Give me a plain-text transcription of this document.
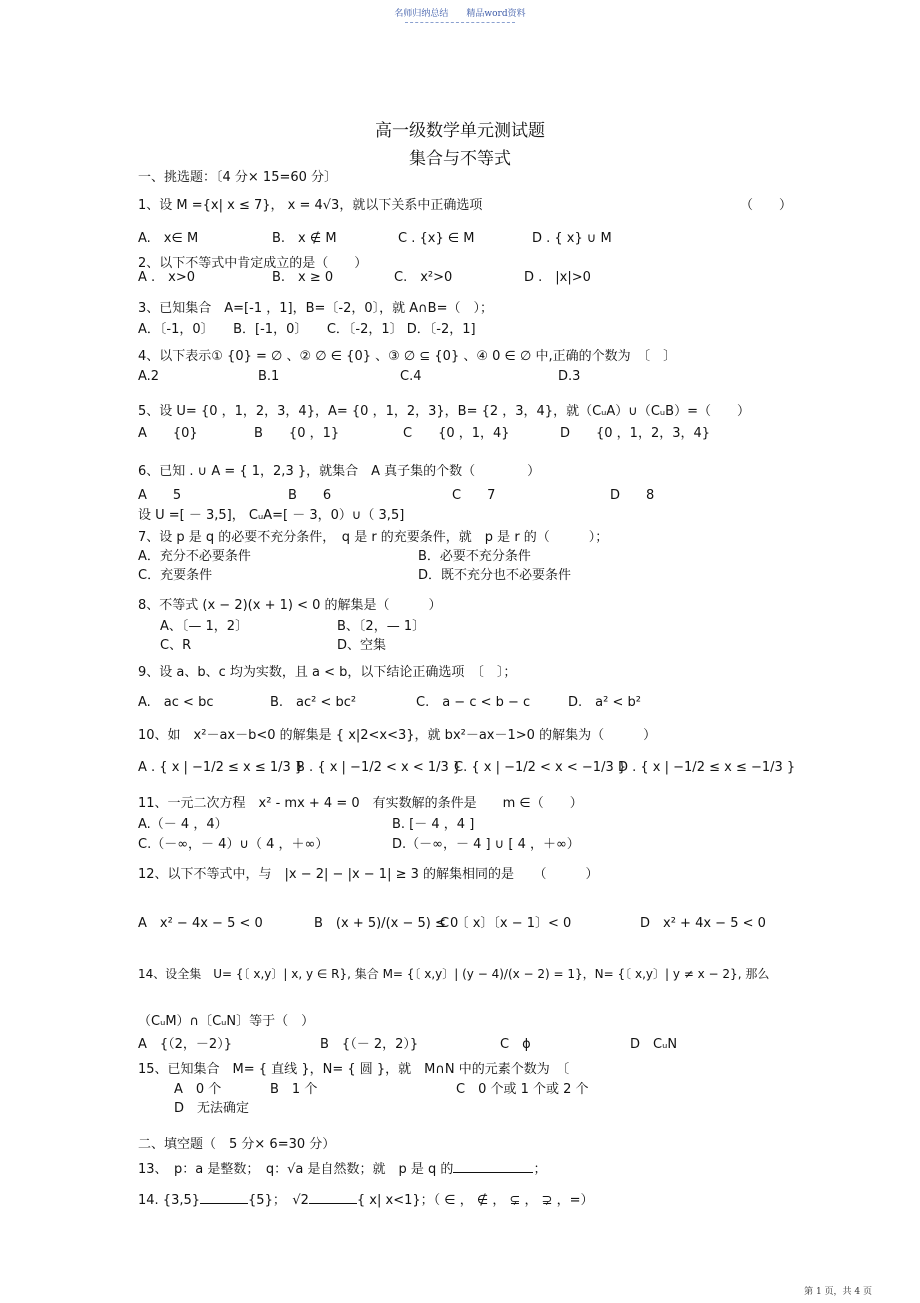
名师归纳总结　　精品word资料
高一级数学单元测试题
集合与不等式
一、挑选题：〔4 分× 15=60 分〕
1、设 M ={x| x ≤ 7}， x = 4√3，就以下关系中正确选项	（　　）
A.　x∈ M	B.　x ∉ M	C . {x} ∈ M	D . { x} ∪ M
2、以下不等式中肯定成立的是（　　）
A .　x>0	B.　x ≥ 0	C.　x²>0	D .　|x|>0
3、已知集合　A=[-1 ，1]，B=〔-2，0〕，就 A∩B=（　）；
A．〔-1，0〕　　B．[-1，0〕　　C．〔-2，1〕 D．〔-2，1]
4、以下表示① {0} = ∅ 、② ∅ ∈ {0} 、③ ∅ ⊆ {0} 、④ 0 ∈ ∅ 中,正确的个数为　〔　〕
A.2	B.1	C.4	D.3
5、设 U= {0 ，1，2，3，4}，A= {0 ，1，2，3}，B= {2 ，3，4}，就（CᵤA）∪（CᵤB）=（　　）
A　　{0}	B　　{0 ，1}	C　　{0 ，1，4}	D　　{0 ，1，2，3，4}
6、已知 . ∪ A = { 1，2,3 }，就集合　A 真子集的个数（　　　　）
A　　5	B　　6	C　　7	D　　8
设 U =[ － 3,5]， CᵤA=[ － 3，0）∪（ 3,5]
7、设 p 是 q 的必要不充分条件，　q 是 r 的充要条件，就　p 是 r 的（　　　）；
A．充分不必要条件	B．必要不充分条件
C．充要条件	D．既不充分也不必要条件
8、不等式 (x − 2)(x + 1) < 0 的解集是（　　　）
A、〔— 1，2〕	B、〔2，— 1〕
C、R	D、空集
9、设 a、b、c 均为实数，且 a < b，以下结论正确选项　〔　〕；
A.　ac < bc	B.　ac² < bc²	C.　a − c < b − c	D.　a² < b²
10、如　x²－ax－b<0 的解集是 { x|2<x<3}，就 bx²－ax－1>0 的解集为（　　　）
A . { x | −1/2 ≤ x ≤ 1/3 }
B . { x | −1/2 < x < 1/3 }
C. { x | −1/2 < x < −1/3 }
D . { x | −1/2 ≤ x ≤ −1/3 }
11、一元二次方程　x² - mx + 4 = 0　有实数解的条件是　　m ∈（　　）
A.（－ 4 ，4）	B. [－ 4 ，4 ]
C.（－∞，－ 4）∪（ 4 ，＋∞）	D.（－∞，－ 4 ] ∪ [ 4 ，＋∞）
12、以下不等式中，与　|x − 2| − |x − 1| ≥ 3 的解集相同的是　　（　　　）
A　x² − 4x − 5 < 0	B　(x + 5)/(x − 5) ≤ 0
C　〔 x〕〔x − 1〕< 0	D　x² + 4x − 5 < 0
14、设全集　U= {〔 x,y〕| x, y ∈ R}, 集合 M= {〔 x,y〕| (y − 4)/(x − 2) = 1}，N= {〔 x,y〕| y ≠ x − 2}, 那么
（CᵤM）∩〔CᵤN〕等于（　）
A　{（2，－2）}	B　{（－ 2，2）}	C　ϕ	D　CᵤN
15、已知集合　M= { 直线 }，N= { 圆 }，就　M∩N 中的元素个数为　〔
A　0 个	B　1 个	C　0 个或 1 个或 2 个
D　无法确定
二、填空题（　5 分× 6=30 分）
13、　p：a 是整数；　q：√a 是自然数；就　p 是 q 的	；
14. {3,5}	{5}；　√2	{ x| x<1}；（ ∈ ， ∉ ， ⊊ ， ⊋ ，=）
第 1 页，共 4 页
